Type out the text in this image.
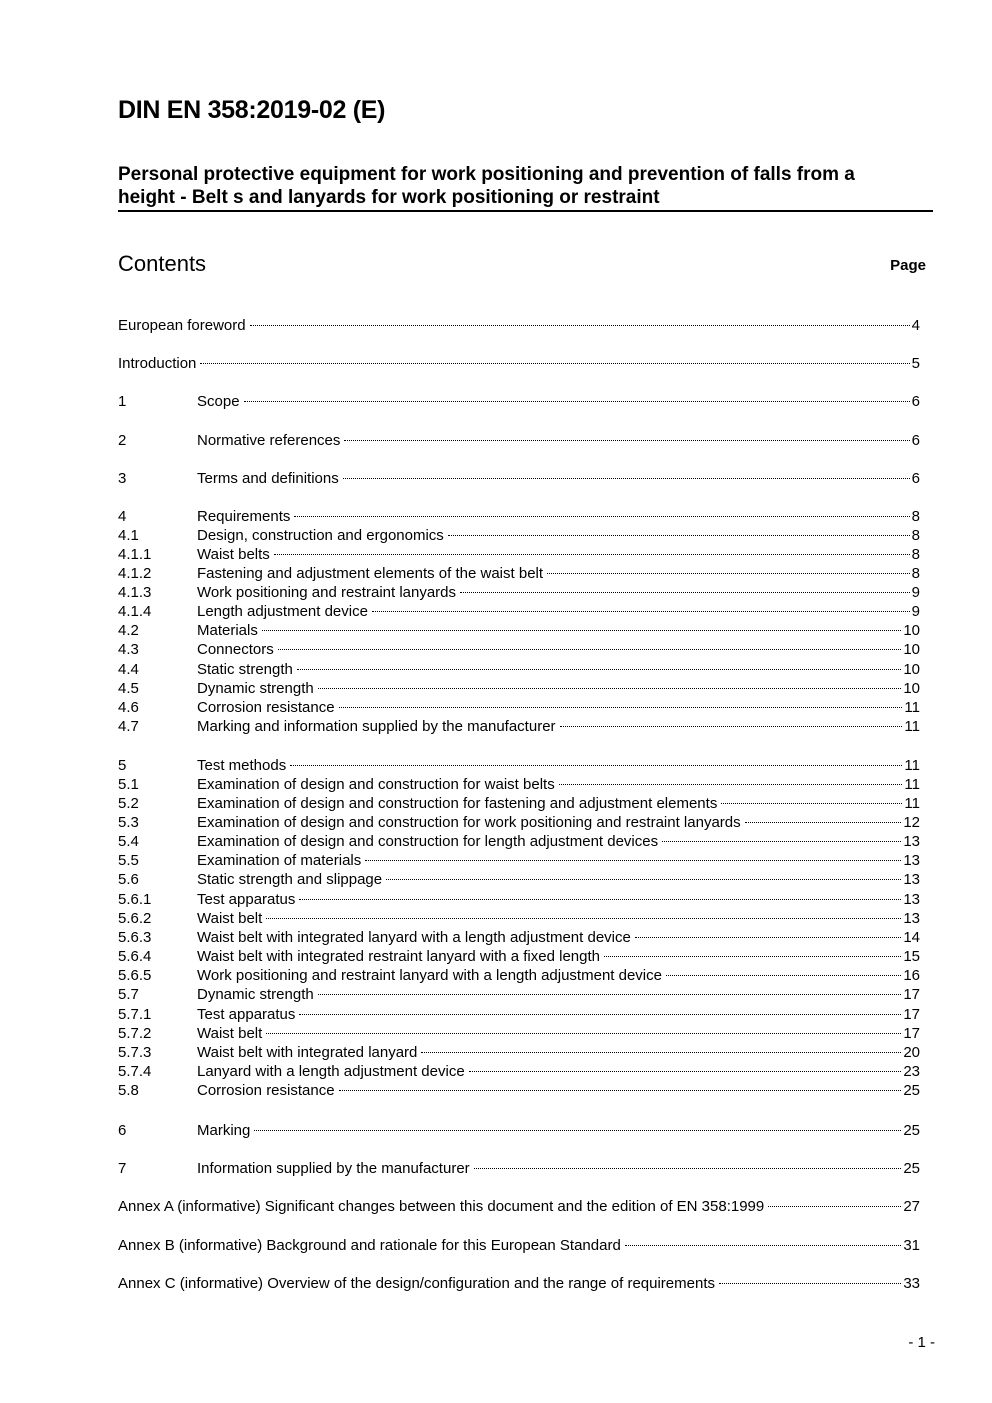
DIN EN 358:2019-02 (E)
Personal protective equipment for work positioning and prevention of falls from a
height - Belt s and lanyards for work positioning or restraint
Contents	Page
European foreword	4
Introduction	5
1	Scope	6
2	Normative references	6
3	Terms and definitions	6
4	Requirements	8
4.1	Design, construction and ergonomics	8
4.1.1	Waist belts	8
4.1.2	Fastening and adjustment elements of the waist belt	8
4.1.3	Work positioning and restraint lanyards	9
4.1.4	Length adjustment device	9
4.2	Materials	10
4.3	Connectors	10
4.4	Static strength	10
4.5	Dynamic strength	10
4.6	Corrosion resistance	11
4.7	Marking and information supplied by the manufacturer	11
5	Test methods	11
5.1	Examination of design and construction for waist belts	11
5.2	Examination of design and construction for fastening and adjustment elements	11
5.3	Examination of design and construction for work positioning and restraint lanyards	12
5.4	Examination of design and construction for length adjustment devices	13
5.5	Examination of materials	13
5.6	Static strength and slippage	13
5.6.1	Test apparatus	13
5.6.2	Waist belt	13
5.6.3	Waist belt with integrated lanyard with a length adjustment device	14
5.6.4	Waist belt with integrated restraint lanyard with a fixed length	15
5.6.5	Work positioning and restraint lanyard with a length adjustment device	16
5.7	Dynamic strength	17
5.7.1	Test apparatus	17
5.7.2	Waist belt	17
5.7.3	Waist belt with integrated lanyard	20
5.7.4	Lanyard with a length adjustment device	23
5.8	Corrosion resistance	25
6	Marking	25
7	Information supplied by the manufacturer	25
Annex A (informative) Significant changes between this document and the edition of EN 358:1999	27
Annex B (informative) Background and rationale for this European Standard	31
Annex C (informative) Overview of the design/configuration and the range of requirements	33
- 1 -
